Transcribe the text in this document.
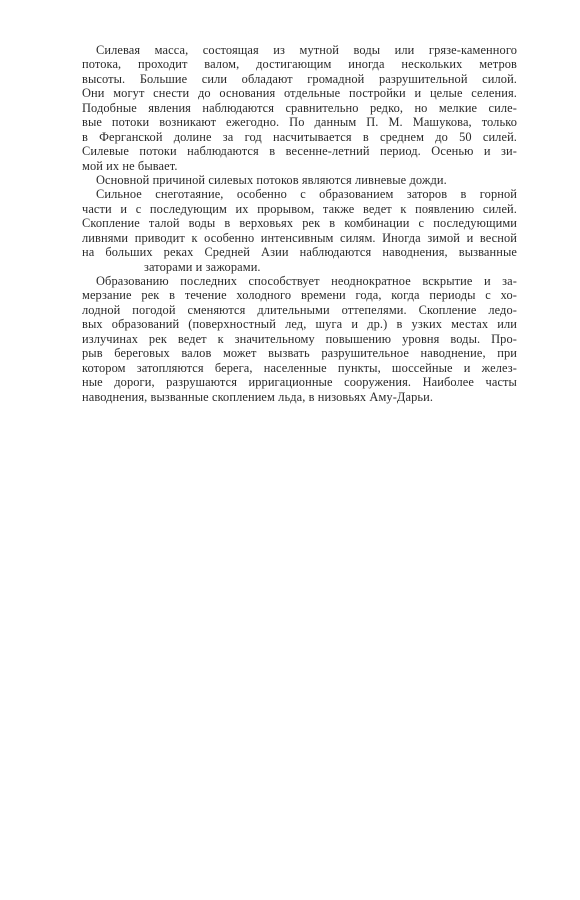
Силевая масса, состоящая из мутной воды или грязе-каменного
потока, проходит валом, достигающим иногда нескольких метров
высоты. Большие сили обладают громадной разрушительной силой.
Они могут снести до основания отдельные постройки и целые селения.
Подобные явления наблюдаются сравнительно редко, но мелкие силе-
вые потоки возникают ежегодно. По данным П. М. Машукова, только
в Ферганской долине за год насчитывается в среднем до 50 силей.
Силевые потоки наблюдаются в весенне-летний период. Осенью и зи-
мой их не бывает.
Основной причиной силевых потоков являются ливневые дожди.
Сильное снеготаяние, особенно с образованием заторов в горной
части и с последующим их прорывом, также ведет к появлению силей.
Скопление талой воды в верховьях рек в комбинации с последующими
ливнями приводит к особенно интенсивным силям. Иногда зимой и весной
на больших реках Средней Азии наблюдаются наводнения, вызванные
заторами и зажорами.
Образованию последних способствует неоднократное вскрытие и за-
мерзание рек в течение холодного времени года, когда периоды с хо-
лодной погодой сменяются длительными оттепелями. Скопление ледо-
вых образований (поверхностный лед, шуга и др.) в узких местах или
излучинах рек ведет к значительному повышению уровня воды. Про-
рыв береговых валов может вызвать разрушительное наводнение, при
котором затопляются берега, населенные пункты, шоссейные и желез-
ные дороги, разрушаются ирригационные сооружения. Наиболее часты
наводнения, вызванные скоплением льда, в низовьях Аму-Дарьи.
